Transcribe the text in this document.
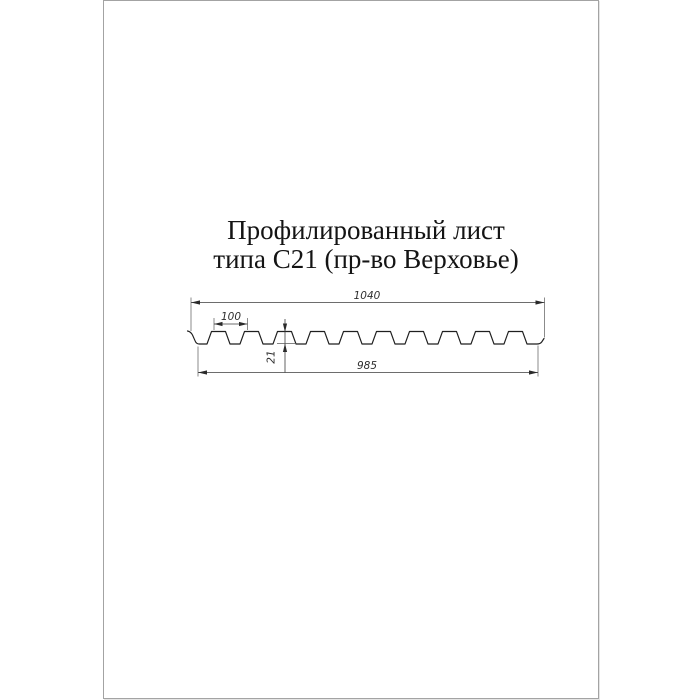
Профилированный лист
типа С21 (пр-во Верховье)
1040
100
21
985
